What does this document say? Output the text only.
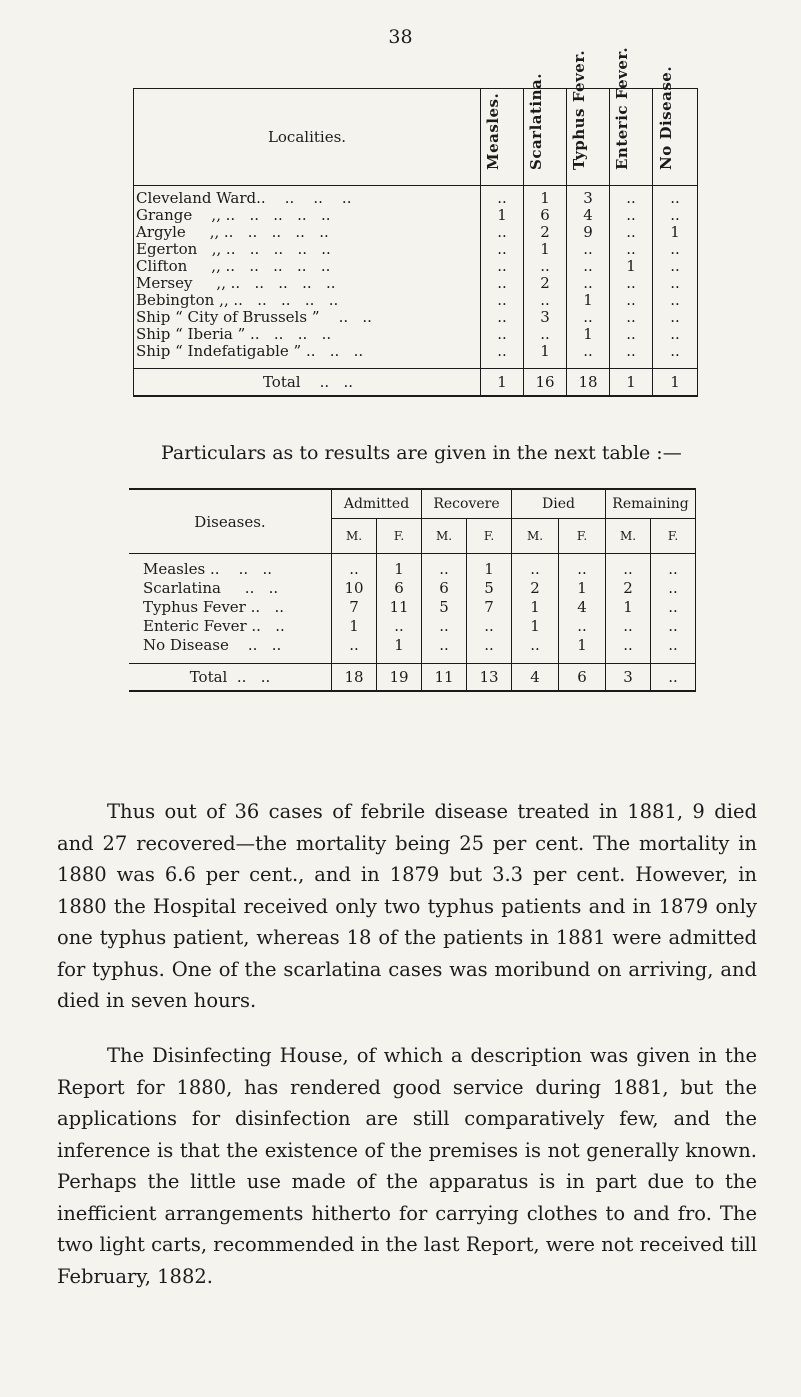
38
Localities.	Measles.	Scarlatina.	Typhus Fever.	Enteric Fever.	No Disease.

Cleveland Ward..    ..    ..    ..	..	1	3	..	..
Grange    ‚‚ ..   ..   ..   ..   ..	1	6	4	..	..
Argyle     ‚‚ ..   ..   ..   ..   ..	..	2	9	..	1
Egerton   ‚‚ ..   ..   ..   ..   ..	..	1	..	..	..
Clifton     ‚‚ ..   ..   ..   ..   ..	..	..	..	1	..
Mersey     ‚‚ ..   ..   ..   ..   ..	..	2	..	..	..
Bebington ‚‚ ..   ..   ..   ..   ..	..	..	1	..	..
Ship “ City of Brussels ”    ..   ..	..	3	..	..	..
Ship “ Iberia ” ..   ..   ..   ..	..	..	1	..	..
Ship “ Indefatigable ” ..   ..   ..	..	1	..	..	..
Total    ..   ..	1	16	18	1	1
Particulars as to results are given in the next table :—
Diseases.	Admitted		Recovere		Died		Remaining	
	M.	F.	M.	F.	M.	F.	M.	F.
Measles ..    ..   ..	..	1	..	1	..	..	..	..
Scarlatina     ..   ..	10	6	6	5	2	1	2	..
Typhus Fever ..   ..	7	11	5	7	1	4	1	..
Enteric Fever ..   ..	1	..	..	..	1	..	..	..
No Disease    ..   ..	..	1	..	..	..	1	..	..
Total  ..   ..	18	19	11	13	4	6	3	..

Thus out of 36 cases of febrile disease treated in 1881, 9 died and 27 recovered—the mortality being 25 per cent. The mortality in 1880 was 6.6 per cent., and in 1879 but 3.3 per cent. However, in 1880 the Hospital received only two typhus patients and in 1879 only one typhus patient, whereas 18 of the patients in 1881 were admitted for typhus. One of the scarlatina cases was moribund on arriving, and died in seven hours.

The Disinfecting House, of which a description was given in the Report for 1880, has rendered good service during 1881, but the applications for disinfection are still comparatively few, and the inference is that the existence of the premises is not generally known. Perhaps the little use made of the apparatus is in part due to the inefficient arrangements hitherto for carrying clothes to and fro. The two light carts, recommended in the last Report, were not received till February, 1882.
